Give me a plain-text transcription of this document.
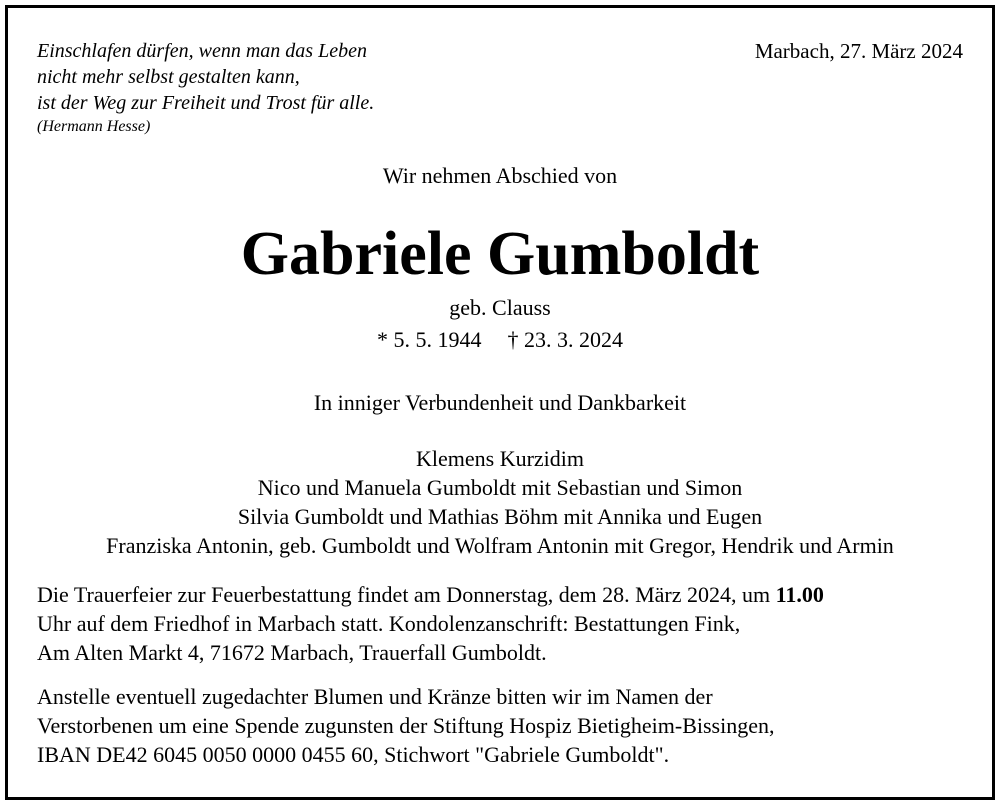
Einschlafen dürfen, wenn man das Leben
nicht mehr selbst gestalten kann,
ist der Weg zur Freiheit und Trost für alle.
(Hermann Hesse)
Marbach, 27. März 2024
Wir nehmen Abschied von
Gabriele Gumboldt
geb. Clauss
* 5. 5. 1944 † 23. 3. 2024
In inniger Verbundenheit und Dankbarkeit
Klemens Kurzidim
Nico und Manuela Gumboldt mit Sebastian und Simon
Silvia Gumboldt und Mathias Böhm mit Annika und Eugen
Franziska Antonin, geb. Gumboldt und Wolfram Antonin mit Gregor, Hendrik und Armin
Die Trauerfeier zur Feuerbestattung findet am Donnerstag, dem 28. März 2024, um 11.00
Uhr auf dem Friedhof in Marbach statt. Kondolenzanschrift: Bestattungen Fink,
Am Alten Markt 4, 71672 Marbach, Trauerfall Gumboldt.
Anstelle eventuell zugedachter Blumen und Kränze bitten wir im Namen der
Verstorbenen um eine Spende zugunsten der Stiftung Hospiz Bietigheim-Bissingen,
IBAN DE42 6045 0050 0000 0455 60, Stichwort "Gabriele Gumboldt".
